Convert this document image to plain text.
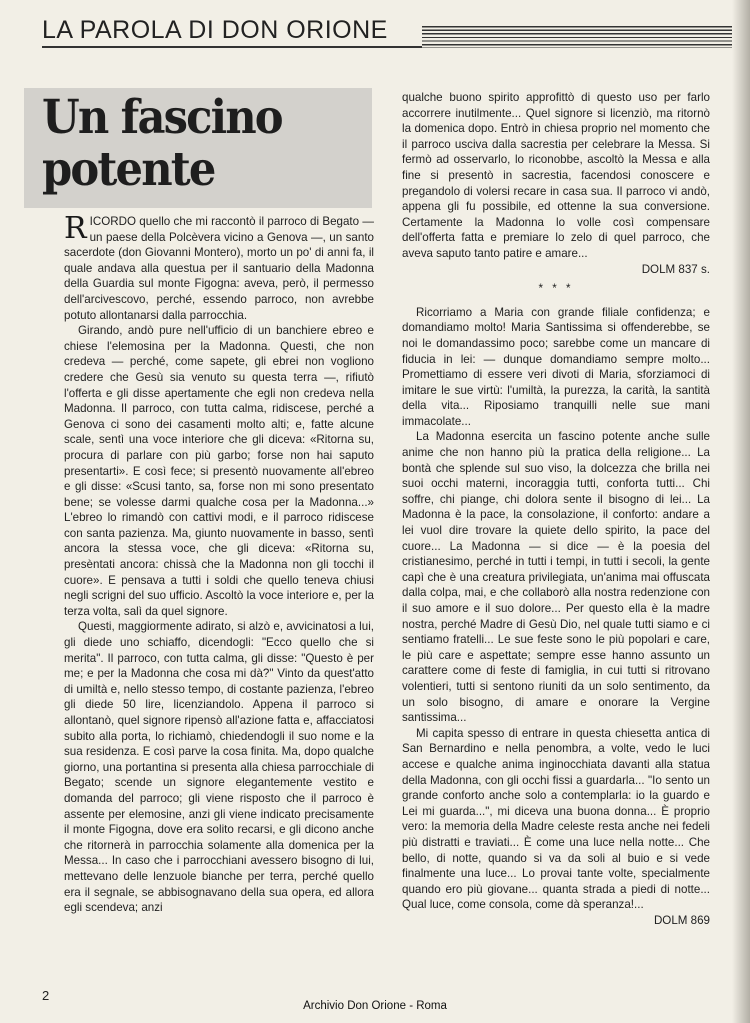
LA PAROLA DI DON ORIONE
Un fascino
potente

RICORDO quello che mi raccontò il parroco di Begato — un paese della Polcèvera vicino a Genova —, un santo sacerdote (don Giovanni Montero), morto un po' di anni fa, il quale andava alla questua per il santuario della Madonna della Guardia sul monte Figogna: aveva, però, il permesso dell'arcivescovo, perché, essendo parroco, non avrebbe potuto allontanarsi dalla parrocchia.

Girando, andò pure nell'ufficio di un banchiere ebreo e chiese l'elemosina per la Madonna. Questi, che non credeva — perché, come sapete, gli ebrei non vogliono credere che Gesù sia venuto su questa terra —, rifiutò l'offerta e gli disse apertamente che egli non credeva nella Madonna. Il parroco, con tutta calma, ridiscese, perché a Genova ci sono dei casamenti molto alti; e, fatte alcune scale, sentì una voce interiore che gli diceva: «Ritorna su, procura di parlare con più garbo; forse non hai saputo presentarti». E così fece; si presentò nuovamente all'ebreo e gli disse: «Scusi tanto, sa, forse non mi sono presentato bene; se volesse darmi qualche cosa per la Madonna...» L'ebreo lo rimandò con cattivi modi, e il parroco ridiscese con santa pazienza. Ma, giunto nuovamente in basso, sentì ancora la stessa voce, che gli diceva: «Ritorna su, presèntati ancora: chissà che la Madonna non gli tocchi il cuore». E pensava a tutti i soldi che quello teneva chiusi negli scrigni del suo ufficio. Ascoltò la voce interiore e, per la terza volta, salì da quel signore.

Questi, maggiormente adirato, si alzò e, avvicinatosi a lui, gli diede uno schiaffo, dicendogli: "Ecco quello che si merita". Il parroco, con tutta calma, gli disse: "Questo è per me; e per la Madonna che cosa mi dà?" Vinto da quest'atto di umiltà e, nello stesso tempo, di costante pazienza, l'ebreo gli diede 50 lire, licenziandolo. Appena il parroco si allontanò, quel signore ripensò all'azione fatta e, affacciatosi subito alla porta, lo richiamò, chiedendogli il suo nome e la sua residenza. E così parve la cosa finita. Ma, dopo qualche giorno, una portantina si presenta alla chiesa parrocchiale di Begato; scende un signore elegantemente vestito e domanda del parroco; gli viene risposto che il parroco è assente per elemosine, anzi gli viene indicato precisamente il monte Figogna, dove era solito recarsi, e gli dicono anche che ritornerà in parrocchia solamente alla domenica per la Messa... In caso che i parrocchiani avessero bisogno di lui, mettevano delle lenzuole bianche per terra, perché quello era il segnale, se abbisognavano della sua opera, ed allora egli scendeva; anzi

qualche buono spirito approfittò di questo uso per farlo accorrere inutilmente... Quel signore si licenziò, ma ritornò la domenica dopo. Entrò in chiesa proprio nel momento che il parroco usciva dalla sacrestia per celebrare la Messa. Si fermò ad osservarlo, lo riconobbe, ascoltò la Messa e alla fine si presentò in sacrestia, facendosi conoscere e pregandolo di volersi recare in casa sua. Il parroco vi andò, appena gli fu possibile, ed ottenne la sua conversione. Certamente la Madonna lo volle così compensare dell'offerta fatta e premiare lo zelo di quel parroco, che aveva saputo tanto patire e amare...

DOLM 837 s.

* * *

Ricorriamo a Maria con grande filiale confidenza; e domandiamo molto! Maria Santissima si offenderebbe, se noi le domandassimo poco; sarebbe come un mancare di fiducia in lei: — dunque domandiamo sempre molto... Promettiamo di essere veri divoti di Maria, sforziamoci di imitare le sue virtù: l'umiltà, la purezza, la carità, la santità della vita... Riposiamo tranquilli nelle sue mani immacolate...

La Madonna esercita un fascino potente anche sulle anime che non hanno più la pratica della religione... La bontà che splende sul suo viso, la dolcezza che brilla nei suoi occhi materni, incoraggia tutti, conforta tutti... Chi soffre, chi piange, chi dolora sente il bisogno di lei... La Madonna è la pace, la consolazione, il conforto: andare a lei vuol dire trovare la quiete dello spirito, la pace del cuore... La Madonna — si dice — è la poesia del cristianesimo, perché in tutti i tempi, in tutti i secoli, la gente capì che è una creatura privilegiata, un'anima mai offuscata dalla colpa, mai, e che collaborò alla nostra redenzione con il suo amore e il suo dolore... Per questo ella è la madre nostra, perché Madre di Gesù Dio, nel quale tutti siamo e ci sentiamo fratelli... Le sue feste sono le più popolari e care, le più care e aspettate; sempre esse hanno assunto un carattere come di feste di famiglia, in cui tutti si ritrovano volentieri, tutti si sentono riuniti da un solo sentimento, da un solo bisogno, di amare e onorare la Vergine santissima...

Mi capita spesso di entrare in questa chiesetta antica di San Bernardino e nella penombra, a volte, vedo le luci accese e qualche anima inginocchiata davanti alla statua della Madonna, con gli occhi fissi a guardarla... "Io sento un grande conforto anche solo a contemplarla: io la guardo e Lei mi guarda...", mi diceva una buona donna... È proprio vero: la memoria della Madre celeste resta anche nei fedeli più distratti e traviati... È come una luce nella notte... Che bello, di notte, quando si va da soli al buio e si vede finalmente una luce... Lo provai tante volte, specialmente quando ero più giovane... quanta strada a piedi di notte... Qual luce, come consola, come dà speranza!...

DOLM 869

2
Archivio Don Orione - Roma
